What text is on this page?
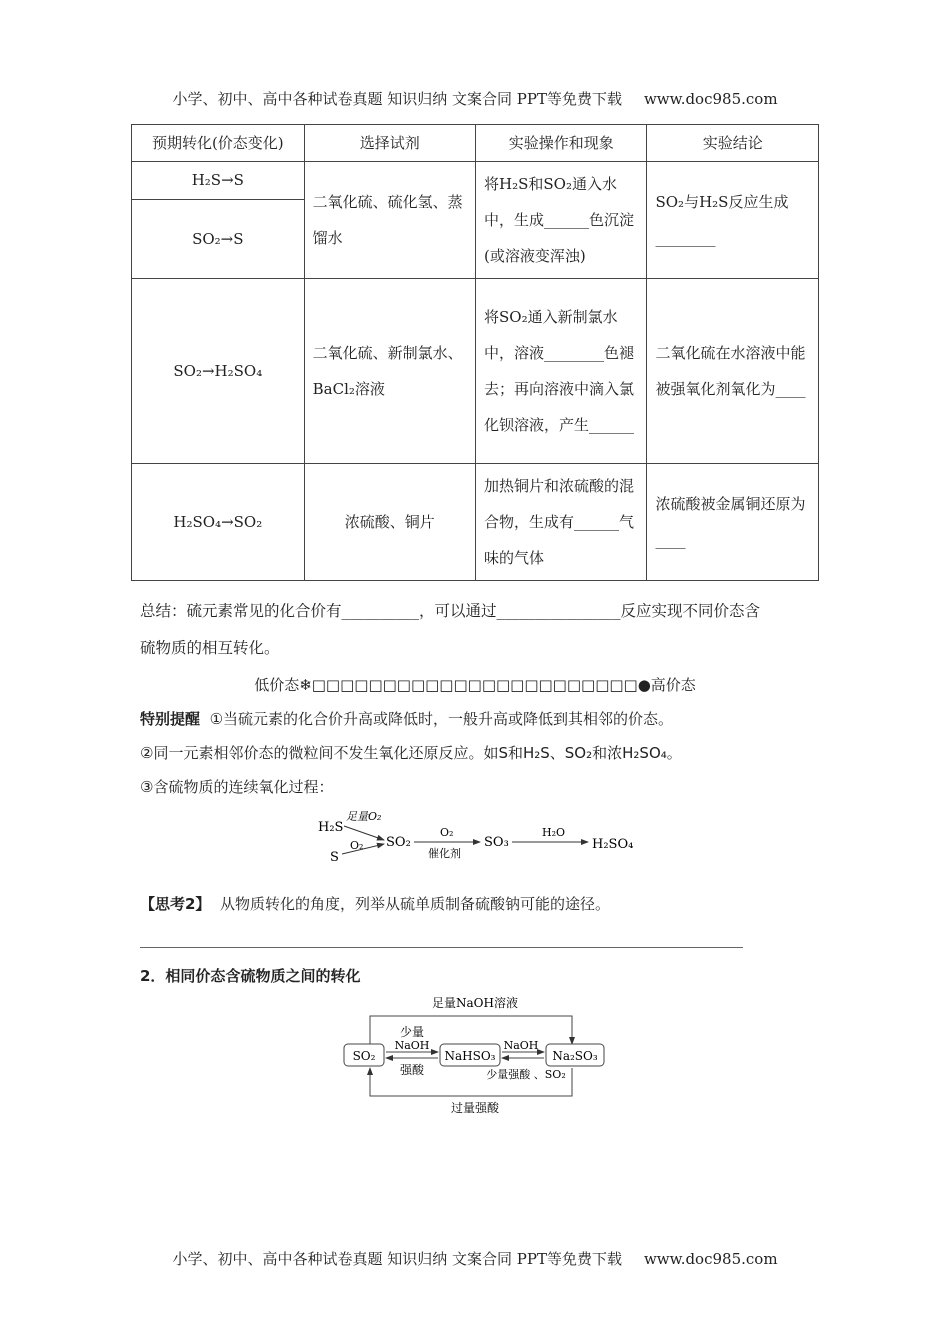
小学、初中、高中各种试卷真题 知识归纳 文案合同 PPT等免费下载 www.doc985.com
预期转化(价态变化)	选择试剂	实验操作和现象	实验结论
H₂S→S	二氧化硫、硫化氢、蒸馏水	将H₂S和SO₂通入水中，生成______色沉淀(或溶液变浑浊)	SO₂与H₂S反应生成________
SO₂→S			
SO₂→H₂SO₄	二氧化硫、新制氯水、BaCl₂溶液	将SO₂通入新制氯水中，溶液________色褪去；再向溶液中滴入氯化钡溶液，产生______	二氧化硫在水溶液中能被强氧化剂氧化为____
H₂SO₄→SO₂	浓硫酸、铜片	加热铜片和浓硫酸的混合物，生成有______气味的气体	浓硫酸被金属铜还原为____
总结：硫元素常见的化合价有__________，可以通过________________反应实现不同价态含
硫物质的相互转化。
低价态❄□□□□□□□□□□□□□□□□□□□□□□□●高价态
特别提醒 ①当硫元素的化合价升高或降低时，一般升高或降低到其相邻的价态。
②同一元素相邻价态的微粒间不发生氧化还原反应。如S和H₂S、SO₂和浓H₂SO₄。
③含硫物质的连续氧化过程：
H₂S
S
足量O₂
O₂ SO₂
O₂
催化剂
SO₃
H₂O
H₂SO₄
【思考2】 从物质转化的角度，列举从硫单质制备硫酸钠可能的途径。
2．相同价态含硫物质之间的转化
足量NaOH溶液
SO₂	NaHSO₃	Na₂SO₃
少量
NaOH
强酸
NaOH
少量强酸 、SO₂
过量强酸
小学、初中、高中各种试卷真题 知识归纳 文案合同 PPT等免费下载 www.doc985.com
